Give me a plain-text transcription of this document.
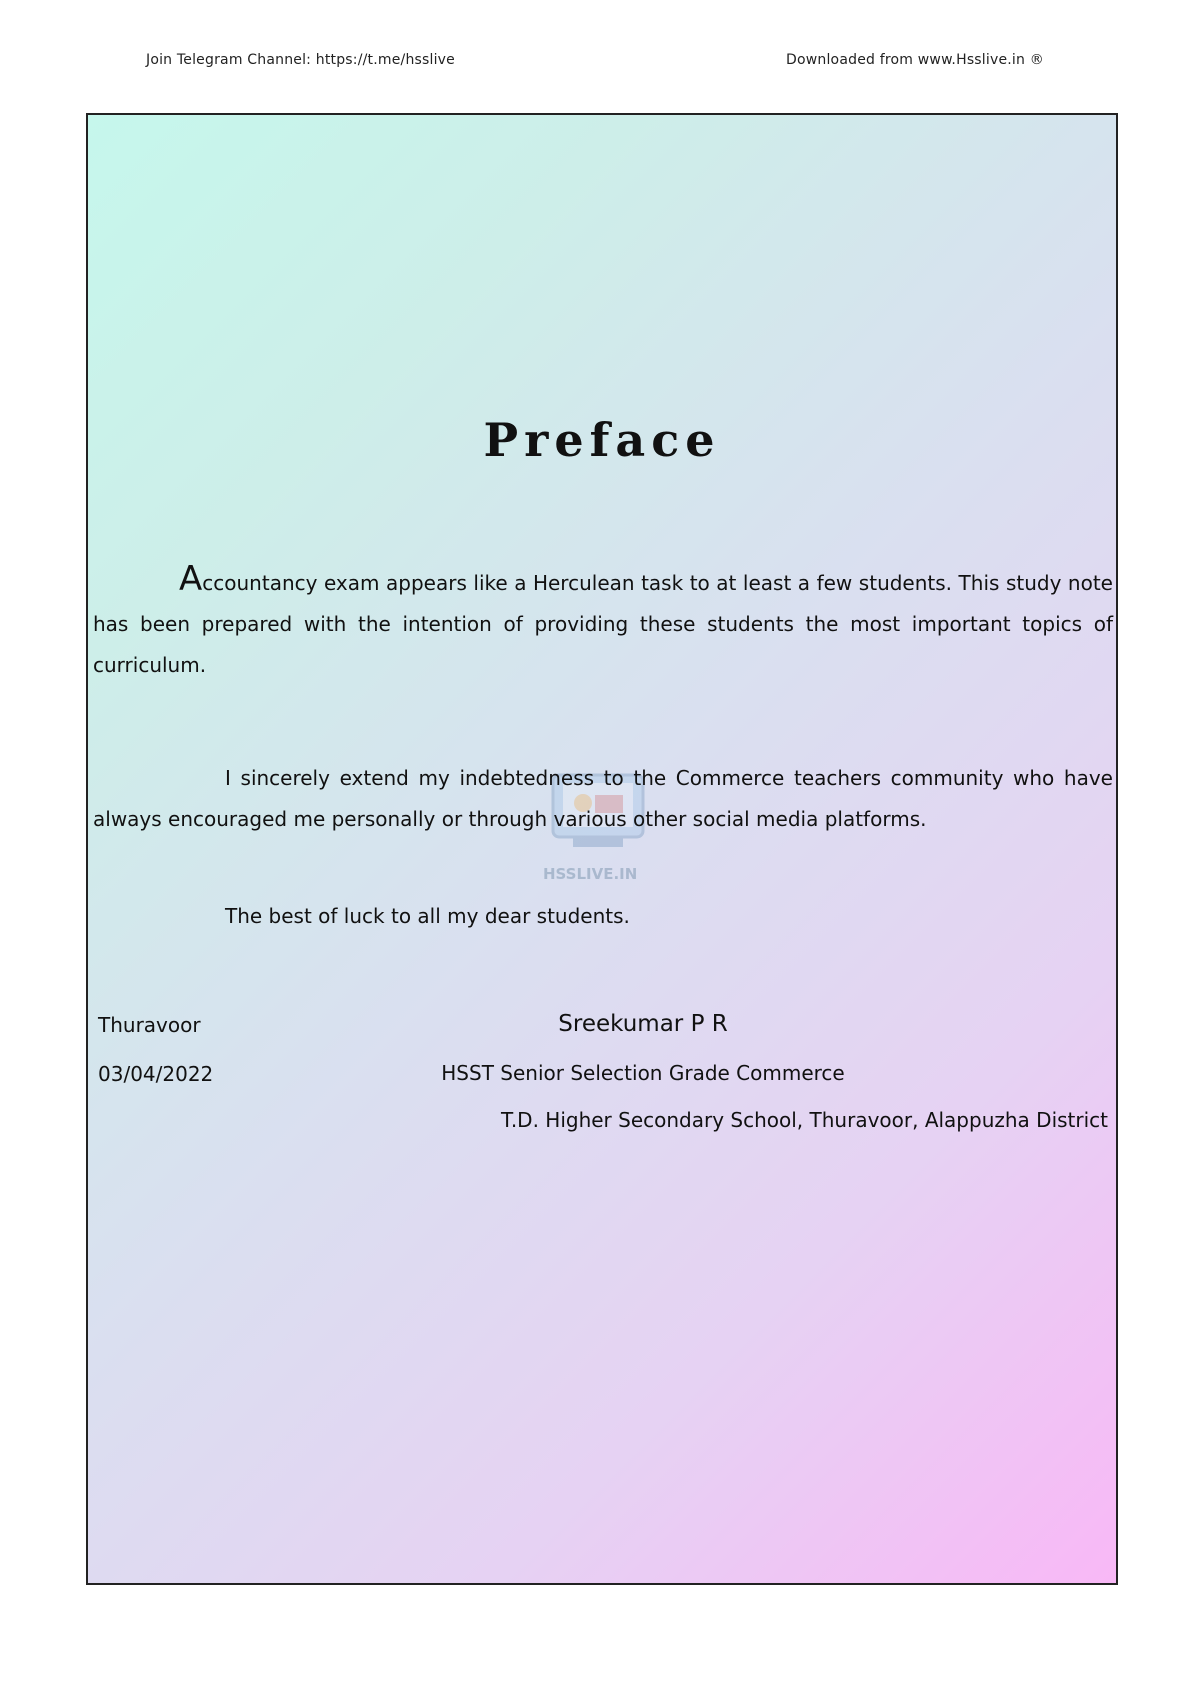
Join Telegram Channel: https://t.me/hsslive	Downloaded from www.Hsslive.in ®
HSSLIVE.IN
Preface
Accountancy exam appears like a Herculean task to at least a few students. This study note has been prepared with the intention of providing these students the most important topics of curriculum.
I sincerely extend my indebtedness to the Commerce teachers community who have always encouraged me personally or through various other social media platforms.
The best of luck to all my dear students.
Thuravoor
03/04/2022
Sreekumar P R
HSST Senior Selection Grade Commerce
T.D. Higher Secondary School, Thuravoor, Alappuzha District
